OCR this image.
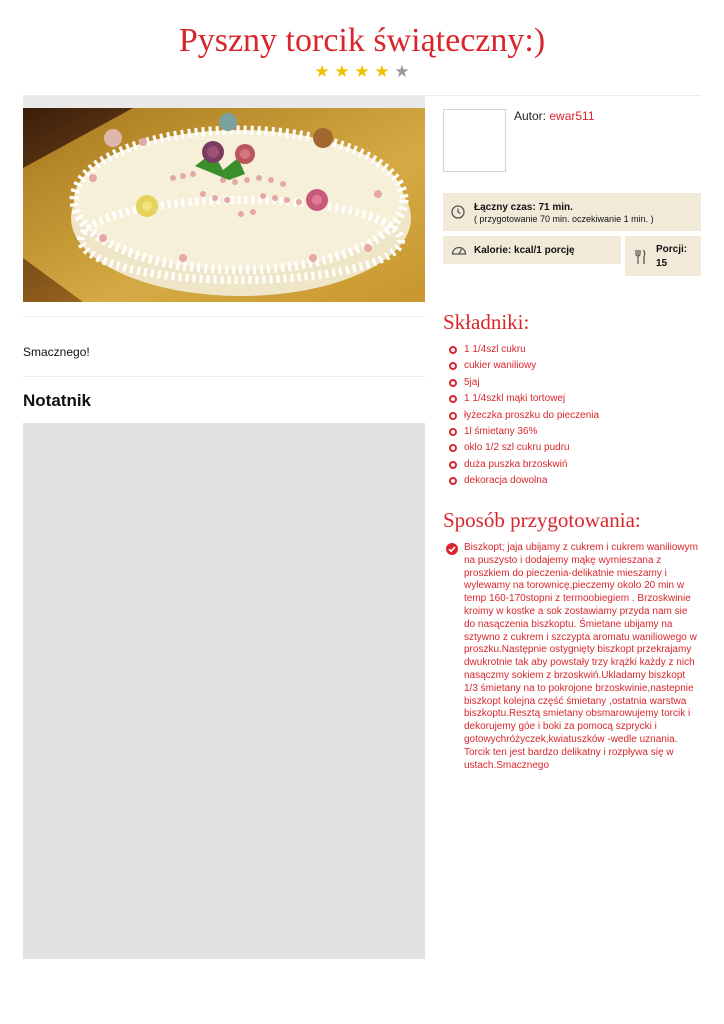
Pyszny torcik świąteczny:)
★ ★ ★ ★ ★

Smacznego!

Notatnik
Autor: ewar511
Łączny czas: 71 min.
( przygotowanie 70 min. oczekiwanie 1 min. )
Kalorie: kcal/1 porcję	Porcji:
15
Składniki:
1 1/4szl cukru
cukier waniliowy
5jaj
1 1/4szkl mąki tortowej
łyżeczka proszku do pieczenia
1l śmietany 36%
oklo 1/2 szl cukru pudru
duża puszka brzoskwiń
dekoracja dowolna
Sposób przygotowania:

Biszkopt; jaja ubijamy z cukrem i cukrem waniliowym na puszysto i dodajemy mąkę wymieszana z proszkiem do pieczenia-delikatnie mieszamy i wylewamy na torownicę,pieczemy okolo 20 min w temp 160-170stopni z termoobiegiem . Brzoskwinie kroimy w kostke a sok zostawiamy przyda nam sie do nasączenia biszkoptu. Śmietane ubijamy na sztywno z cukrem i szczypta aromatu waniliowego w proszku.Następnie ostygnięty biszkopt przekrajamy dwukrotnie tak aby powstały trzy krążki każdy z nich nasączmy sokiem z brzoskwiń.Ukladamy biszkopt 1/3 śmietany na to pokrojone brzoskwinie,nastepnie biszkopt kolejna część śmietany ,ostatnia warstwa biszkoptu.Resztą smietany obsmarowujemy torcik i dekorujemy góe i boki za pomocą szprycki i gotowychróżyczek,kwiatuszków -wedle uznania. Torcik ten jest bardzo delikatny i rozpływa się w ustach.Smacznego
